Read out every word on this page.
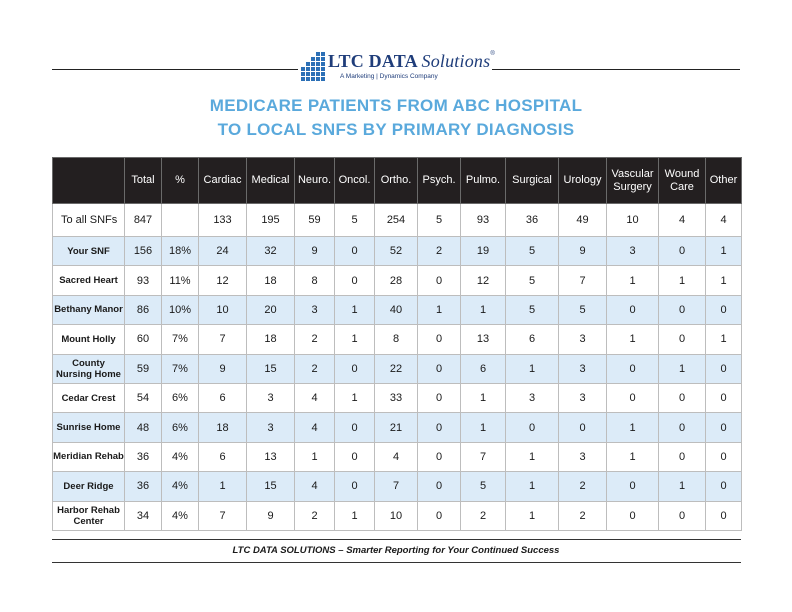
LTC DATA Solutions®
A Marketing | Dynamics Company
MEDICARE PATIENTS FROM ABC HOSPITAL
TO LOCAL SNFS BY PRIMARY DIAGNOSIS
	Total	%	Cardiac	Medical	Neuro.	Oncol.	Ortho.	Psych.	Pulmo.	Surgical	Urology	Vascular Surgery	Wound Care	Other
To all SNFs	847		133	195	59	5	254	5	93	36	49	10	4	4
Your SNF	156	18%	24	32	9	0	52	2	19	5	9	3	0	1
Sacred Heart	93	11%	12	18	8	0	28	0	12	5	7	1	1	1
Bethany Manor	86	10%	10	20	3	1	40	1	1	5	5	0	0	0
Mount Holly	60	7%	7	18	2	1	8	0	13	6	3	1	0	1
County Nursing Home	59	7%	9	15	2	0	22	0	6	1	3	0	1	0
Cedar Crest	54	6%	6	3	4	1	33	0	1	3	3	0	0	0
Sunrise Home	48	6%	18	3	4	0	21	0	1	0	0	1	0	0
Meridian Rehab	36	4%	6	13	1	0	4	0	7	1	3	1	0	0
Deer Ridge	36	4%	1	15	4	0	7	0	5	1	2	0	1	0
Harbor Rehab Center	34	4%	7	9	2	1	10	0	2	1	2	0	0	0
LTC DATA SOLUTIONS – Smarter Reporting for Your Continued Success
